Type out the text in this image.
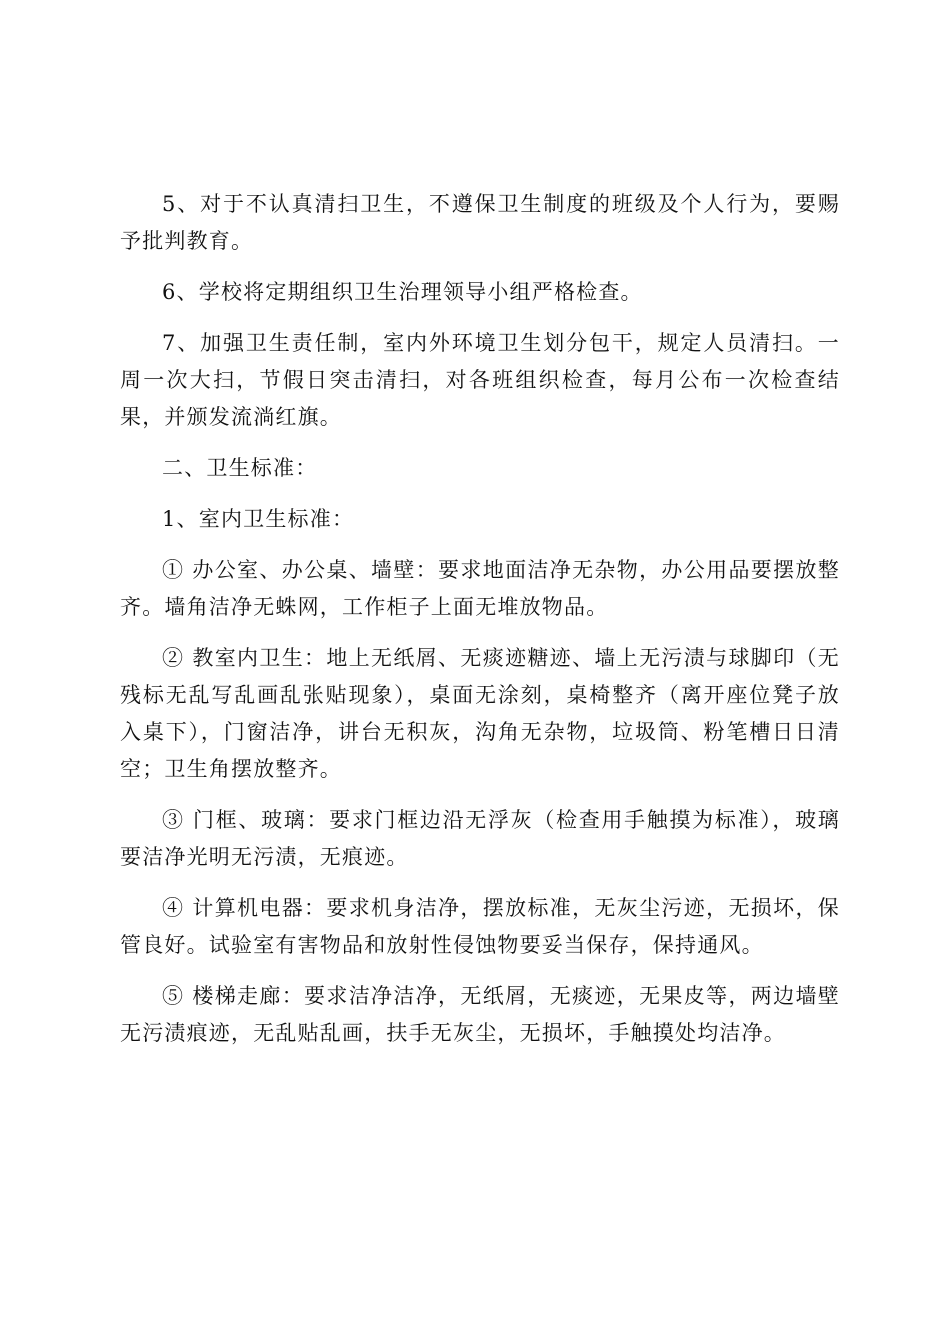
5、对于不认真清扫卫生，不遵保卫生制度的班级及个人行为，要赐予批判教育。

6、学校将定期组织卫生治理领导小组严格检查。

7、加强卫生责任制，室内外环境卫生划分包干，规定人员清扫。一周一次大扫，节假日突击清扫，对各班组织检查，每月公布一次检查结果，并颁发流淌红旗。

二、卫生标准：

1、室内卫生标准：

① 办公室、办公桌、墙壁：要求地面洁净无杂物，办公用品要摆放整齐。墙角洁净无蛛网，工作柜子上面无堆放物品。

② 教室内卫生：地上无纸屑、无痰迹糖迹、墙上无污渍与球脚印（无残标无乱写乱画乱张贴现象），桌面无涂刻，桌椅整齐（离开座位凳子放入桌下），门窗洁净，讲台无积灰，沟角无杂物，垃圾筒、粉笔槽日日清空；卫生角摆放整齐。

③ 门框、玻璃：要求门框边沿无浮灰（检查用手触摸为标准），玻璃要洁净光明无污渍，无痕迹。

④ 计算机电器：要求机身洁净，摆放标准，无灰尘污迹，无损坏，保管良好。试验室有害物品和放射性侵蚀物要妥当保存，保持通风。

⑤ 楼梯走廊：要求洁净洁净，无纸屑，无痰迹，无果皮等，两边墙壁无污渍痕迹，无乱贴乱画，扶手无灰尘，无损坏，手触摸处均洁净。
